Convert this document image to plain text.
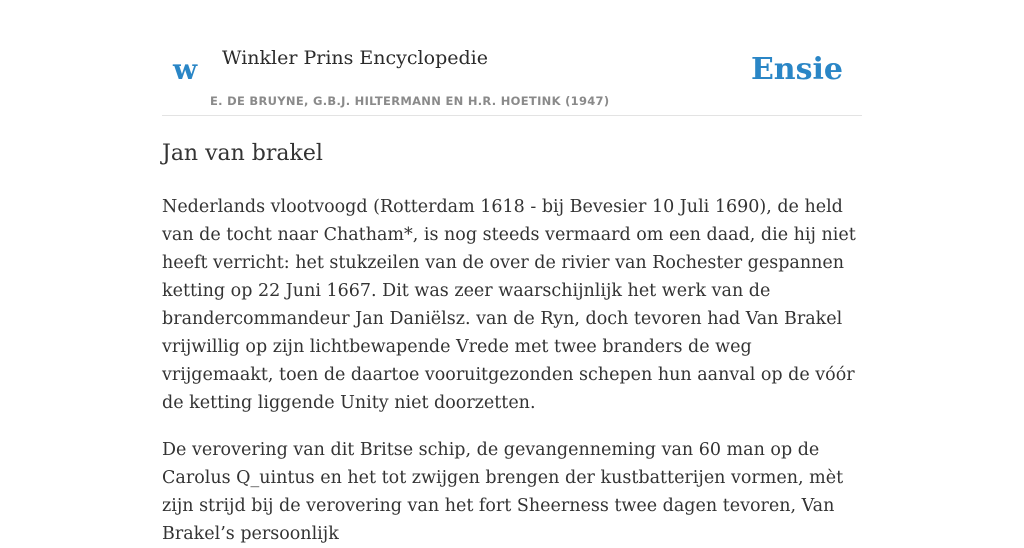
w Winkler Prins Encyclopedie
E. DE BRUYNE, G.B.J. HILTERMANN EN H.R. HOETINK (1947)
Ensie
Jan van brakel

Nederlands vlootvoogd (Rotterdam 1618 - bij Bevesier 10 Juli 1690), de held van de tocht naar Chatham*, is nog steeds vermaard om een daad, die hij niet heeft verricht: het stukzeilen van de over de rivier van Rochester gespannen ketting op 22 Juni 1667. Dit was zeer waarschijnlijk het werk van de brandercommandeur Jan Daniëlsz. van de Ryn, doch tevoren had Van Brakel vrijwillig op zijn lichtbewapende Vrede met twee branders de weg vrijgemaakt, toen de daartoe vooruitgezonden schepen hun aanval op de vóór de ketting liggende Unity niet doorzetten.

De verovering van dit Britse schip, de gevangenneming van 60 man op de Carolus Q_uintus en het tot zwijgen brengen der kustbatterijen vormen, mèt zijn strijd bij de verovering van het fort Sheerness twee dagen tevoren, Van Brakel’s persoonlijk
